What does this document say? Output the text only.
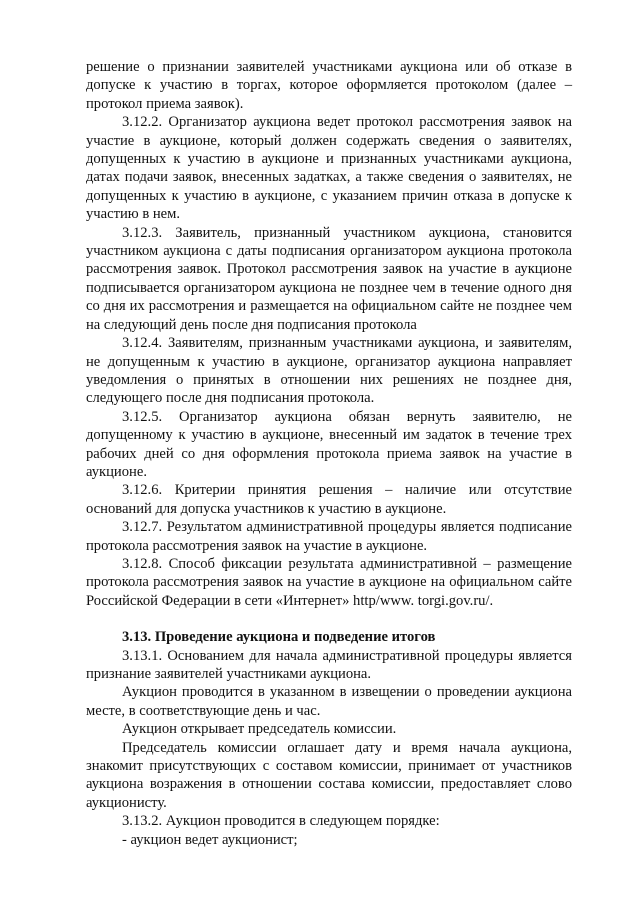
решение о признании заявителей участниками аукциона или об отказе в допуске к участию в торгах, которое оформляется протоколом (далее – протокол приема заявок).

3.12.2. Организатор аукциона ведет протокол рассмотрения заявок на участие в аукционе, который должен содержать сведения о заявителях, допущенных к участию в аукционе и признанных участниками аукциона, датах подачи заявок, внесенных задатках, а также сведения о заявителях, не допущенных к участию в аукционе, с указанием причин отказа в допуске к участию в нем.

3.12.3. Заявитель, признанный участником аукциона, становится участником аукциона с даты подписания организатором аукциона протокола рассмотрения заявок. Протокол рассмотрения заявок на участие в аукционе подписывается организатором аукциона не позднее чем в течение одного дня со дня их рассмотрения и размещается на официальном сайте не позднее чем на следующий день после дня подписания протокола

3.12.4. Заявителям, признанным участниками аукциона, и заявителям, не допущенным к участию в аукционе, организатор аукциона направляет уведомления о принятых в отношении них решениях не позднее дня, следующего после дня подписания протокола.

3.12.5. Организатор аукциона обязан вернуть заявителю, не допущенному к участию в аукционе, внесенный им задаток в течение трех рабочих дней со дня оформления протокола приема заявок на участие в аукционе.

3.12.6. Критерии принятия решения – наличие или отсутствие оснований для допуска участников к участию в аукционе.

3.12.7. Результатом административной процедуры является подписание протокола рассмотрения заявок на участие в аукционе.

3.12.8. Способ фиксации результата административной – размещение протокола рассмотрения заявок на участие в аукционе на официальном сайте Российской Федерации в сети «Интернет» http/www. torgi.gov.ru/.

3.13. Проведение аукциона и подведение итогов

3.13.1. Основанием для начала административной процедуры является признание заявителей участниками аукциона.

Аукцион проводится в указанном в извещении о проведении аукциона месте, в соответствующие день и час.

Аукцион открывает председатель комиссии.

Председатель комиссии оглашает дату и время начала аукциона, знакомит присутствующих с составом комиссии, принимает от участников аукциона возражения в отношении состава комиссии, предоставляет слово аукционисту.

3.13.2. Аукцион проводится в следующем порядке:

- аукцион ведет аукционист;
